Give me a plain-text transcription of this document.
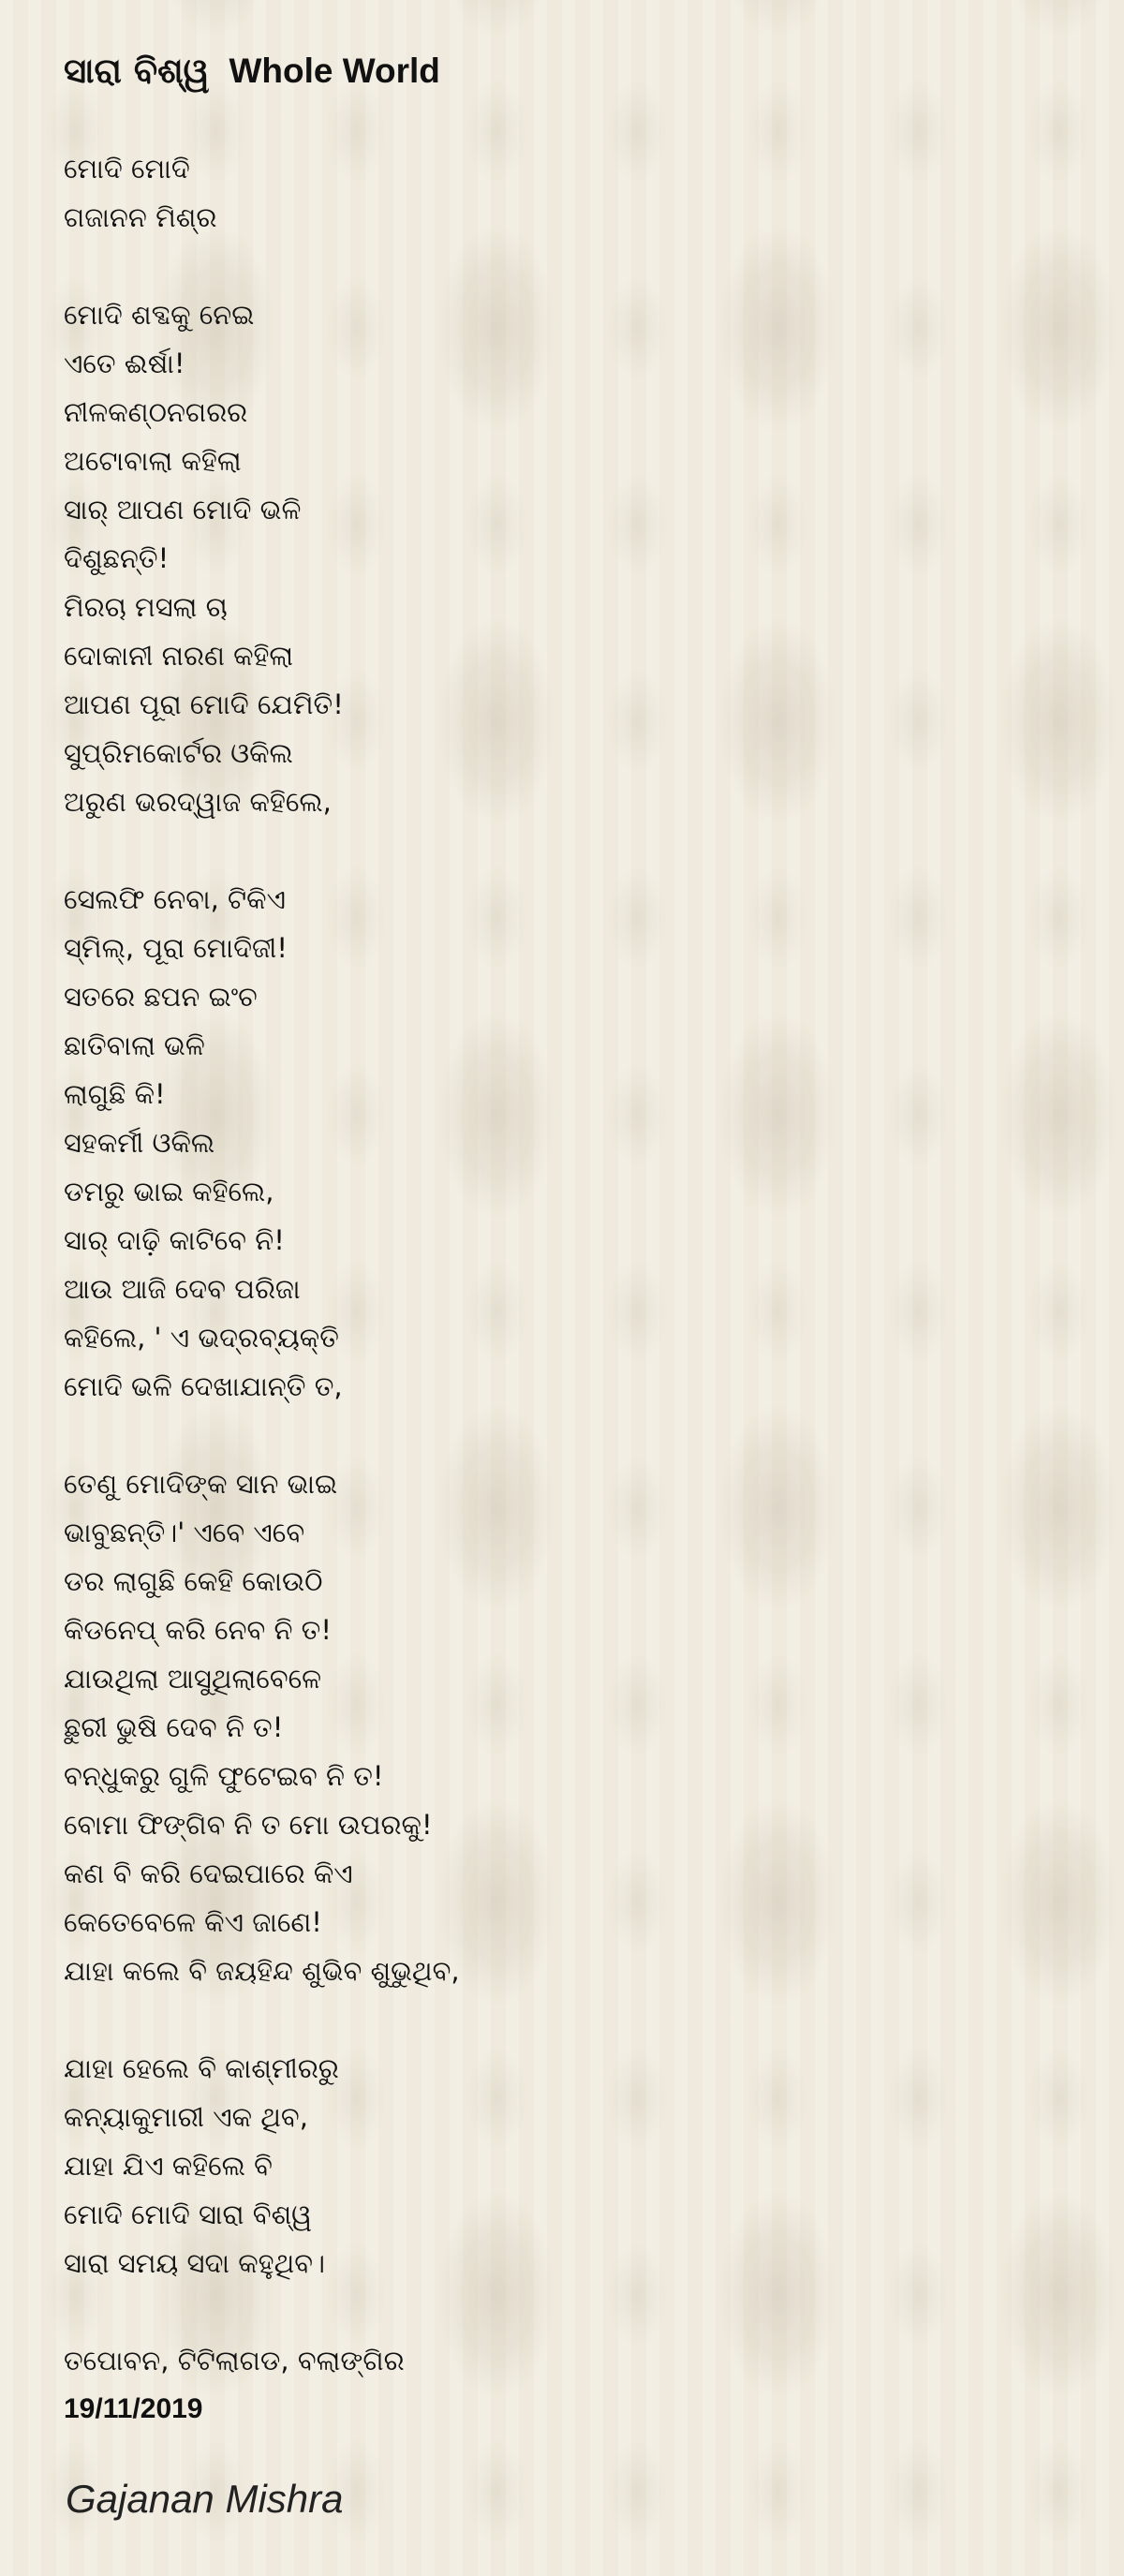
ସାରା ବିଶ୍ୱ Whole World
ମୋଦି ମୋଦି
ଗଜାନନ ମିଶ୍ର
ମୋଦି ଶବ୍ଦକୁ ନେଇ
ଏତେ ଈର୍ଷା!
ନୀଳକଣ୍ଠନଗରର
ଅଟୋବାଲା କହିଲା
ସାର୍ ଆପଣ ମୋଦି ଭଳି
ଦିଶୁଛନ୍ତି!
ମିରଚା ମସଲା ଚା
ଦୋକାନୀ ନାରଣ କହିଲା
ଆପଣ ପୂରା ମୋଦି ଯେମିତି!
ସୁପ୍ରିମକୋର୍ଟର ଓକିଲ
ଅରୁଣ ଭରଦ୍ୱାଜ କହିଲେ,
ସେଲଫି ନେବା, ଟିକିଏ
ସ୍ମିଲ୍, ପୂରା ମୋଦିଜୀ!
ସତରେ ଛପନ ଇଂଚ
ଛାତିବାଲା ଭଳି
ଲାଗୁଛି କି!
ସହକର୍ମୀ ଓକିଲ
ଡମରୁ ଭାଇ କହିଲେ,
ସାର୍ ଦାଢ଼ି କାଟିବେ ନି!
ଆଉ ଆଜି ଦେବ ପରିଜା
କହିଲେ, ' ଏ ଭଦ୍ରବ୍ୟକ୍ତି
ମୋଦି ଭଳି ଦେଖାଯାନ୍ତି ତ,
ତେଣୁ ମୋଦିଙ୍କ ସାନ ଭାଇ
ଭାବୁଛନ୍ତି।' ଏବେ ଏବେ
ଡର ଲାଗୁଛି କେହି କୋଉଠି
କିଡନେପ୍ କରି ନେବ ନି ତ!
ଯାଉଥିଲା ଆସୁଥିଲାବେଳେ
ଛୁରୀ ଭୁଷି ଦେବ ନି ତ!
ବନ୍ଧୁକରୁ ଗୁଳି ଫୁଟେଇବ ନି ତ!
ବୋମା ଫିଙ୍ଗିବ ନି ତ ମୋ ଉପରକୁ!
କଣ ବି କରି ଦେଇପାରେ କିଏ
କେତେବେଳେ କିଏ ଜାଣେ!
ଯାହା କଲେ ବି ଜୟହିନ୍ଦ ଶୁଭିବ ଶୁଭୁଥିବ,
ଯାହା ହେଲେ ବି କାଶ୍ମୀରରୁ
କନ୍ୟାକୁମାରୀ ଏକ ଥିବ,
ଯାହା ଯିଏ କହିଲେ ବି
ମୋଦି ମୋଦି ସାରା ବିଶ୍ୱ
ସାରା ସମୟ ସଦା କହୁଥିବ।
ତପୋବନ, ଟିଟିଲାଗଡ, ବଲାଙ୍ଗିର
19/11/2019
Gajanan Mishra
